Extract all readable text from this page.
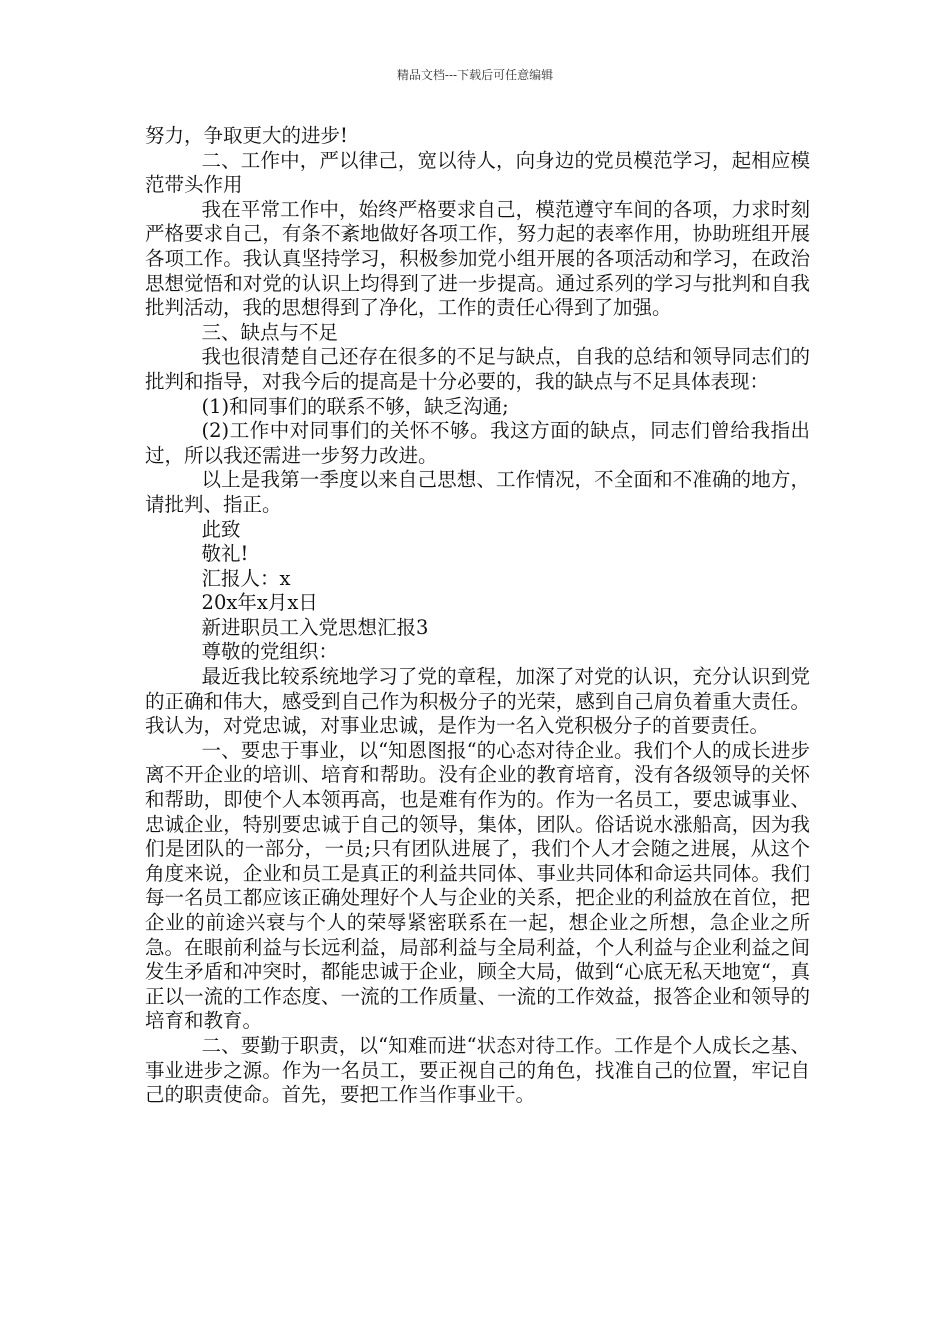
精品文档---下载后可任意编辑

努力，争取更大的进步!

二、工作中，严以律己，宽以待人，向身边的党员模范学习，起相应模范带头作用

我在平常工作中，始终严格要求自己，模范遵守车间的各项，力求时刻严格要求自己，有条不紊地做好各项工作，努力起的表率作用，协助班组开展各项工作。我认真坚持学习，积极参加党小组开展的各项活动和学习，在政治思想觉悟和对党的认识上均得到了进一步提高。通过系列的学习与批判和自我批判活动，我的思想得到了净化，工作的责任心得到了加强。

三、缺点与不足

我也很清楚自己还存在很多的不足与缺点，自我的总结和领导同志们的批判和指导，对我今后的提高是十分必要的，我的缺点与不足具体表现：

(1)和同事们的联系不够，缺乏沟通;

(2)工作中对同事们的关怀不够。我这方面的缺点，同志们曾给我指出过，所以我还需进一步努力改进。

以上是我第一季度以来自己思想、工作情况，不全面和不准确的地方，请批判、指正。

此致

敬礼!

汇报人：x

20x年x月x日

新进职员工入党思想汇报3

尊敬的党组织：

最近我比较系统地学习了党的章程，加深了对党的认识，充分认识到党的正确和伟大，感受到自己作为积极分子的光荣，感到自己肩负着重大责任。我认为，对党忠诚，对事业忠诚，是作为一名入党积极分子的首要责任。

一、要忠于事业，以“知恩图报“的心态对待企业。我们个人的成长进步离不开企业的培训、培育和帮助。没有企业的教育培育，没有各级领导的关怀和帮助，即使个人本领再高，也是难有作为的。作为一名员工，要忠诚事业、忠诚企业，特别要忠诚于自己的领导，集体，团队。俗话说水涨船高，因为我们是团队的一部分，一员;只有团队进展了，我们个人才会随之进展，从这个角度来说，企业和员工是真正的利益共同体、事业共同体和命运共同体。我们每一名员工都应该正确处理好个人与企业的关系，把企业的利益放在首位，把企业的前途兴衰与个人的荣辱紧密联系在一起，想企业之所想，急企业之所急。在眼前利益与长远利益，局部利益与全局利益，个人利益与企业利益之间发生矛盾和冲突时，都能忠诚于企业，顾全大局，做到“心底无私天地宽“，真正以一流的工作态度、一流的工作质量、一流的工作效益，报答企业和领导的培育和教育。

二、要勤于职责，以“知难而进“状态对待工作。工作是个人成长之基、事业进步之源。作为一名员工，要正视自己的角色，找准自己的位置，牢记自己的职责使命。首先，要把工作当作事业干。
